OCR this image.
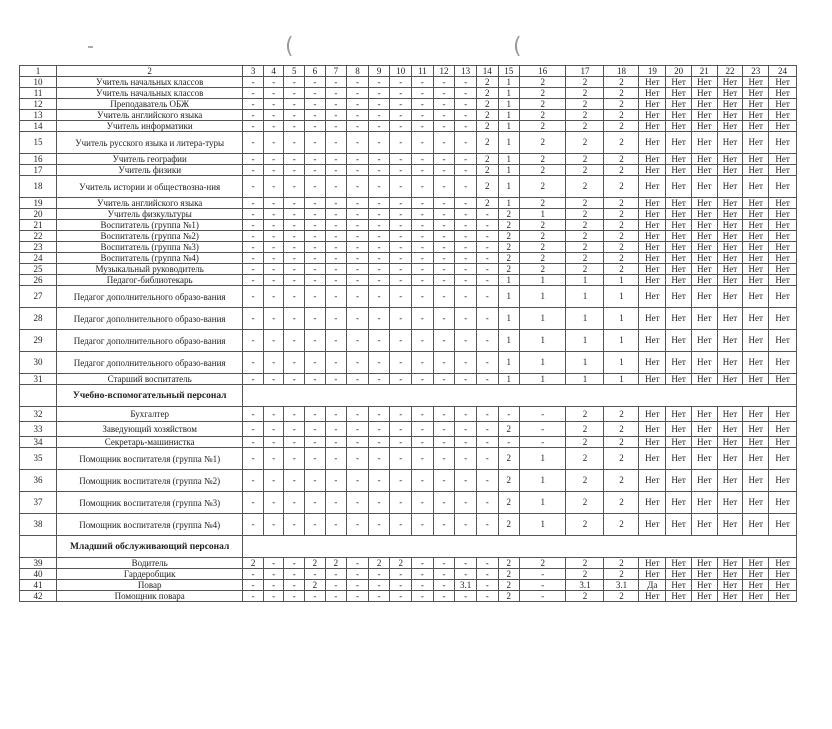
(	(
1	2	3	4	5	6	7	8	9	10	11	12	13	14	15	16	17	18	19	20	21	22	23	24
10	Учитель начальных классов	-	-	-	-	-	-	-	-	-	-	-	2	1	2	2	2	Нет	Нет	Нет	Нет	Нет	Нет
11	Учитель начальных классов	-	-	-	-	-	-	-	-	-	-	-	2	1	2	2	2	Нет	Нет	Нет	Нет	Нет	Нет
12	Преподаватель ОБЖ	-	-	-	-	-	-	-	-	-	-	-	2	1	2	2	2	Нет	Нет	Нет	Нет	Нет	Нет
13	Учитель английского языка	-	-	-	-	-	-	-	-	-	-	-	2	1	2	2	2	Нет	Нет	Нет	Нет	Нет	Нет
14	Учитель информатики	-	-	-	-	-	-	-	-	-	-	-	2	1	2	2	2	Нет	Нет	Нет	Нет	Нет	Нет
15	Учитель русского языка и литера-туры	-	-	-	-	-	-	-	-	-	-	-	2	1	2	2	2	Нет	Нет	Нет	Нет	Нет	Нет
16	Учитель географии	-	-	-	-	-	-	-	-	-	-	-	2	1	2	2	2	Нет	Нет	Нет	Нет	Нет	Нет
17	Учитель физики	-	-	-	-	-	-	-	-	-	-	-	2	1	2	2	2	Нет	Нет	Нет	Нет	Нет	Нет
18	Учитель истории и обществозна-ния	-	-	-	-	-	-	-	-	-	-	-	2	1	2	2	2	Нет	Нет	Нет	Нет	Нет	Нет
19	Учитель английского языка	-	-	-	-	-	-	-	-	-	-	-	2	1	2	2	2	Нет	Нет	Нет	Нет	Нет	Нет
20	Учитель физкультуры	-	-	-	-	-	-	-	-	-	-	-	-	2	1	2	2	Нет	Нет	Нет	Нет	Нет	Нет
21	Воспитатель (группа №1)	-	-	-	-	-	-	-	-	-	-	-	-	2	2	2	2	Нет	Нет	Нет	Нет	Нет	Нет
22	Воспитатель (группа №2)	-	-	-	-	-	-	-	-	-	-	-	-	2	2	2	2	Нет	Нет	Нет	Нет	Нет	Нет
23	Воспитатель (группа №3)	-	-	-	-	-	-	-	-	-	-	-	-	2	2	2	2	Нет	Нет	Нет	Нет	Нет	Нет
24	Воспитатель (группа №4)	-	-	-	-	-	-	-	-	-	-	-	-	2	2	2	2	Нет	Нет	Нет	Нет	Нет	Нет
25	Музыкальный руководитель	-	-	-	-	-	-	-	-	-	-	-	-	2	2	2	2	Нет	Нет	Нет	Нет	Нет	Нет
26	Педагог-библиотекарь	-	-	-	-	-	-	-	-	-	-	-	-	1	1	1	1	Нет	Нет	Нет	Нет	Нет	Нет
27	Педагог дополнительного образо-вания	-	-	-	-	-	-	-	-	-	-	-	-	1	1	1	1	Нет	Нет	Нет	Нет	Нет	Нет
28	Педагог дополнительного образо-вания	-	-	-	-	-	-	-	-	-	-	-	-	1	1	1	1	Нет	Нет	Нет	Нет	Нет	Нет
29	Педагог дополнительного образо-вания	-	-	-	-	-	-	-	-	-	-	-	-	1	1	1	1	Нет	Нет	Нет	Нет	Нет	Нет
30	Педагог дополнительного образо-вания	-	-	-	-	-	-	-	-	-	-	-	-	1	1	1	1	Нет	Нет	Нет	Нет	Нет	Нет
31	Старший воспитатель	-	-	-	-	-	-	-	-	-	-	-	-	1	1	1	1	Нет	Нет	Нет	Нет	Нет	Нет
	Учебно-вспомогательный персонал																						
32	Бухгалтер	-	-	-	-	-	-	-	-	-	-	-	-	-	-	2	2	Нет	Нет	Нет	Нет	Нет	Нет
33	Заведующий хозяйством	-	-	-	-	-	-	-	-	-	-	-	-	2	-	2	2	Нет	Нет	Нет	Нет	Нет	Нет
34	Секретарь-машинистка	-	-	-	-	-	-	-	-	-	-	-	-	-	-	2	2	Нет	Нет	Нет	Нет	Нет	Нет
35	Помощник воспитателя (группа №1)	-	-	-	-	-	-	-	-	-	-	-	-	2	1	2	2	Нет	Нет	Нет	Нет	Нет	Нет
36	Помощник воспитателя (группа №2)	-	-	-	-	-	-	-	-	-	-	-	-	2	1	2	2	Нет	Нет	Нет	Нет	Нет	Нет
37	Помощник воспитателя (группа №3)	-	-	-	-	-	-	-	-	-	-	-	-	2	1	2	2	Нет	Нет	Нет	Нет	Нет	Нет
38	Помощник воспитателя (группа №4)	-	-	-	-	-	-	-	-	-	-	-	-	2	1	2	2	Нет	Нет	Нет	Нет	Нет	Нет
	Младший обслуживающий персонал																						
39	Водитель	2	-	-	2	2	-	2	2	-	-	-	-	2	2	2	2	Нет	Нет	Нет	Нет	Нет	Нет
40	Гардеробщик	-	-	-	-	-	-	-	-	-	-	-	-	2	-	2	2	Нет	Нет	Нет	Нет	Нет	Нет
41	Повар	-	-	-	2	-	-	-	-	-	-	3.1	-	2	-	3.1	3.1	Да	Нет	Нет	Нет	Нет	Нет
42	Помощник повара	-	-	-	-	-	-	-	-	-	-	-	-	2	-	2	2	Нет	Нет	Нет	Нет	Нет	Нет
